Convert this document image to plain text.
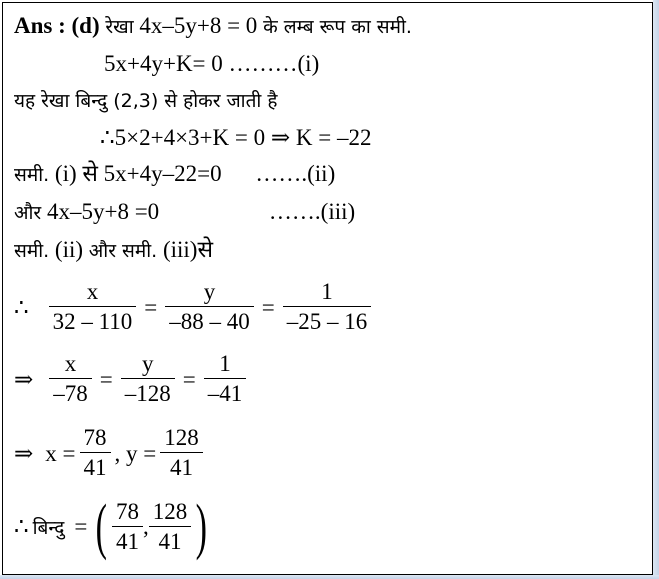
Ans : (d) रेखा 4x–5y+8 = 0 के लम्ब रूप का समी.
5x+4y+K= 0 ………(i)
यह रेखा बिन्दु (2,3) से होकर जाती है
∴5×2+4×3+K = 0 ⇒ K = –22
समी. (i) से 5x+4y–22=0 …….(ii)
और 4x–5y+8 =0	…….(iii)
समी. (ii) और समी. (iii)से
∴ $\frac{x}{32 - 110} = \frac{y}{-88 - 40} = \frac{1}{-25 - 16}$
⇒ $\frac{x}{-78} = \frac{y}{-128} = \frac{1}{-41}$
⇒ $x = \frac{78}{41}$ , $y = \frac{128}{41}$
∴ बिन्दु = ( $\frac{78}{41}$ , $\frac{128}{41}$ )
